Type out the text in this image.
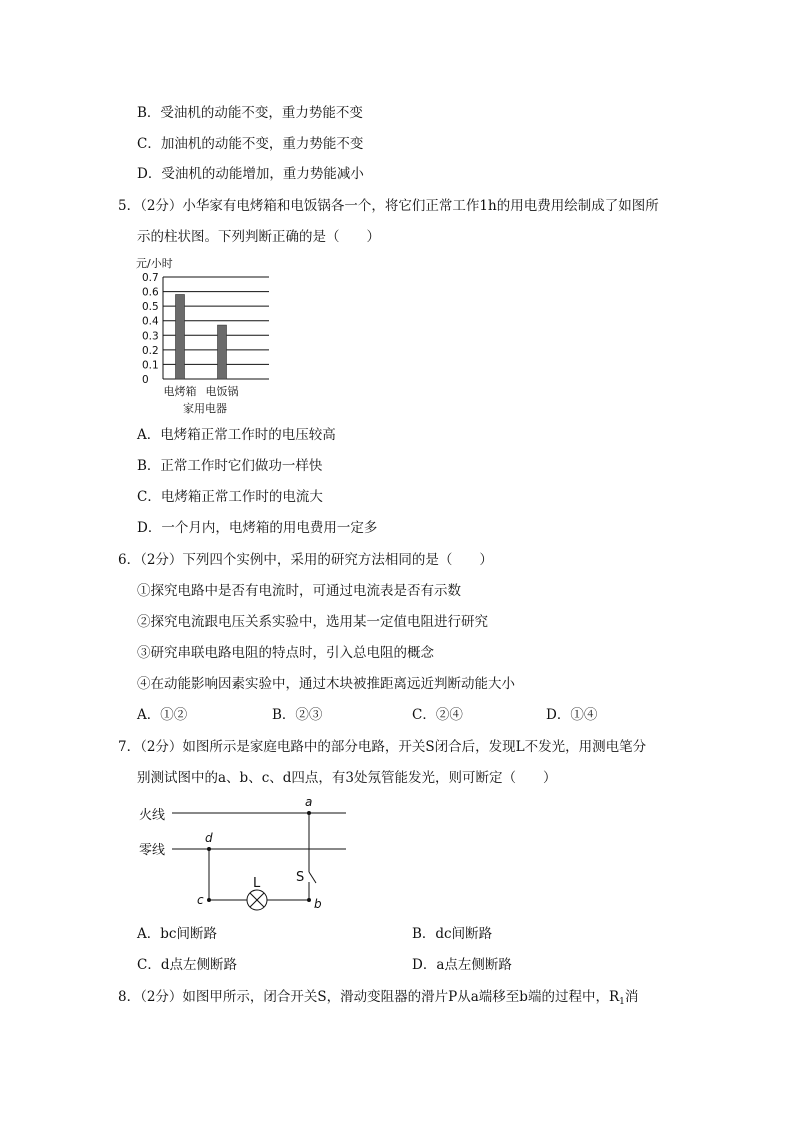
B．受油机的动能不变，重力势能不变
C．加油机的动能不变，重力势能不变
D．受油机的动能增加，重力势能减小
5．（2分）小华家有电烤箱和电饭锅各一个，将它们正常工作1h的用电费用绘制成了如图所
示的柱状图。下列判断正确的是（　　）
元/小时
0
0.1
0.2
0.3
0.4
0.5
0.6
0.7
电烤箱 电饭锅
家用电器
A．电烤箱正常工作时的电压较高
B．正常工作时它们做功一样快
C．电烤箱正常工作时的电流大
D．一个月内，电烤箱的用电费用一定多
6．（2分）下列四个实例中，采用的研究方法相同的是（　　）
①探究电路中是否有电流时，可通过电流表是否有示数
②探究电流跟电压关系实验中，选用某一定值电阻进行研究
③研究串联电路电阻的特点时，引入总电阻的概念
④在动能影响因素实验中，通过木块被推距离远近判断动能大小
A．①②	B．②③	C．②④	D．①④
7．（2分）如图所示是家庭电路中的部分电路，开关S闭合后，发现L不发光，用测电笔分
别测试图中的a、b、c、d四点，有3处氖管能发光，则可断定（　　）
火线
零线
a
d
c	b
L	S
A．bc间断路	B．dc间断路
C．d点左侧断路	D．a点左侧断路
8．（2分）如图甲所示，闭合开关S，滑动变阻器的滑片P从a端移至b端的过程中，$R_1$消
